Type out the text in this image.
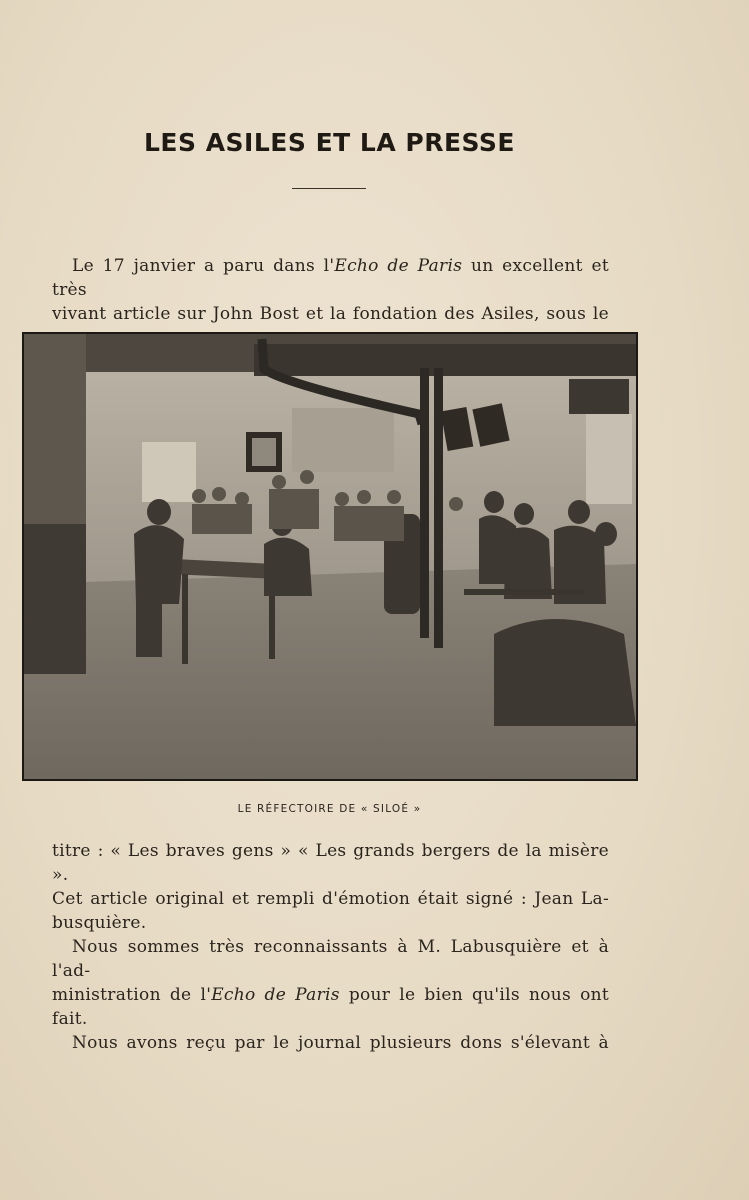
LES ASILES ET LA PRESSE
Le 17 janvier a paru dans l'Echo de Paris un excellent et très
vivant article sur John Bost et la fondation des Asiles, sous le
LE RÉFECTOIRE DE « SILOÉ »
titre : « Les braves gens » « Les grands bergers de la misère ».
Cet article original et rempli d'émotion était signé : Jean La-
busquière.
Nous sommes très reconnaissants à M. Labusquière et à l'ad-
ministration de l'Echo de Paris pour le bien qu'ils nous ont
fait.
Nous avons reçu par le journal plusieurs dons s'élevant à
